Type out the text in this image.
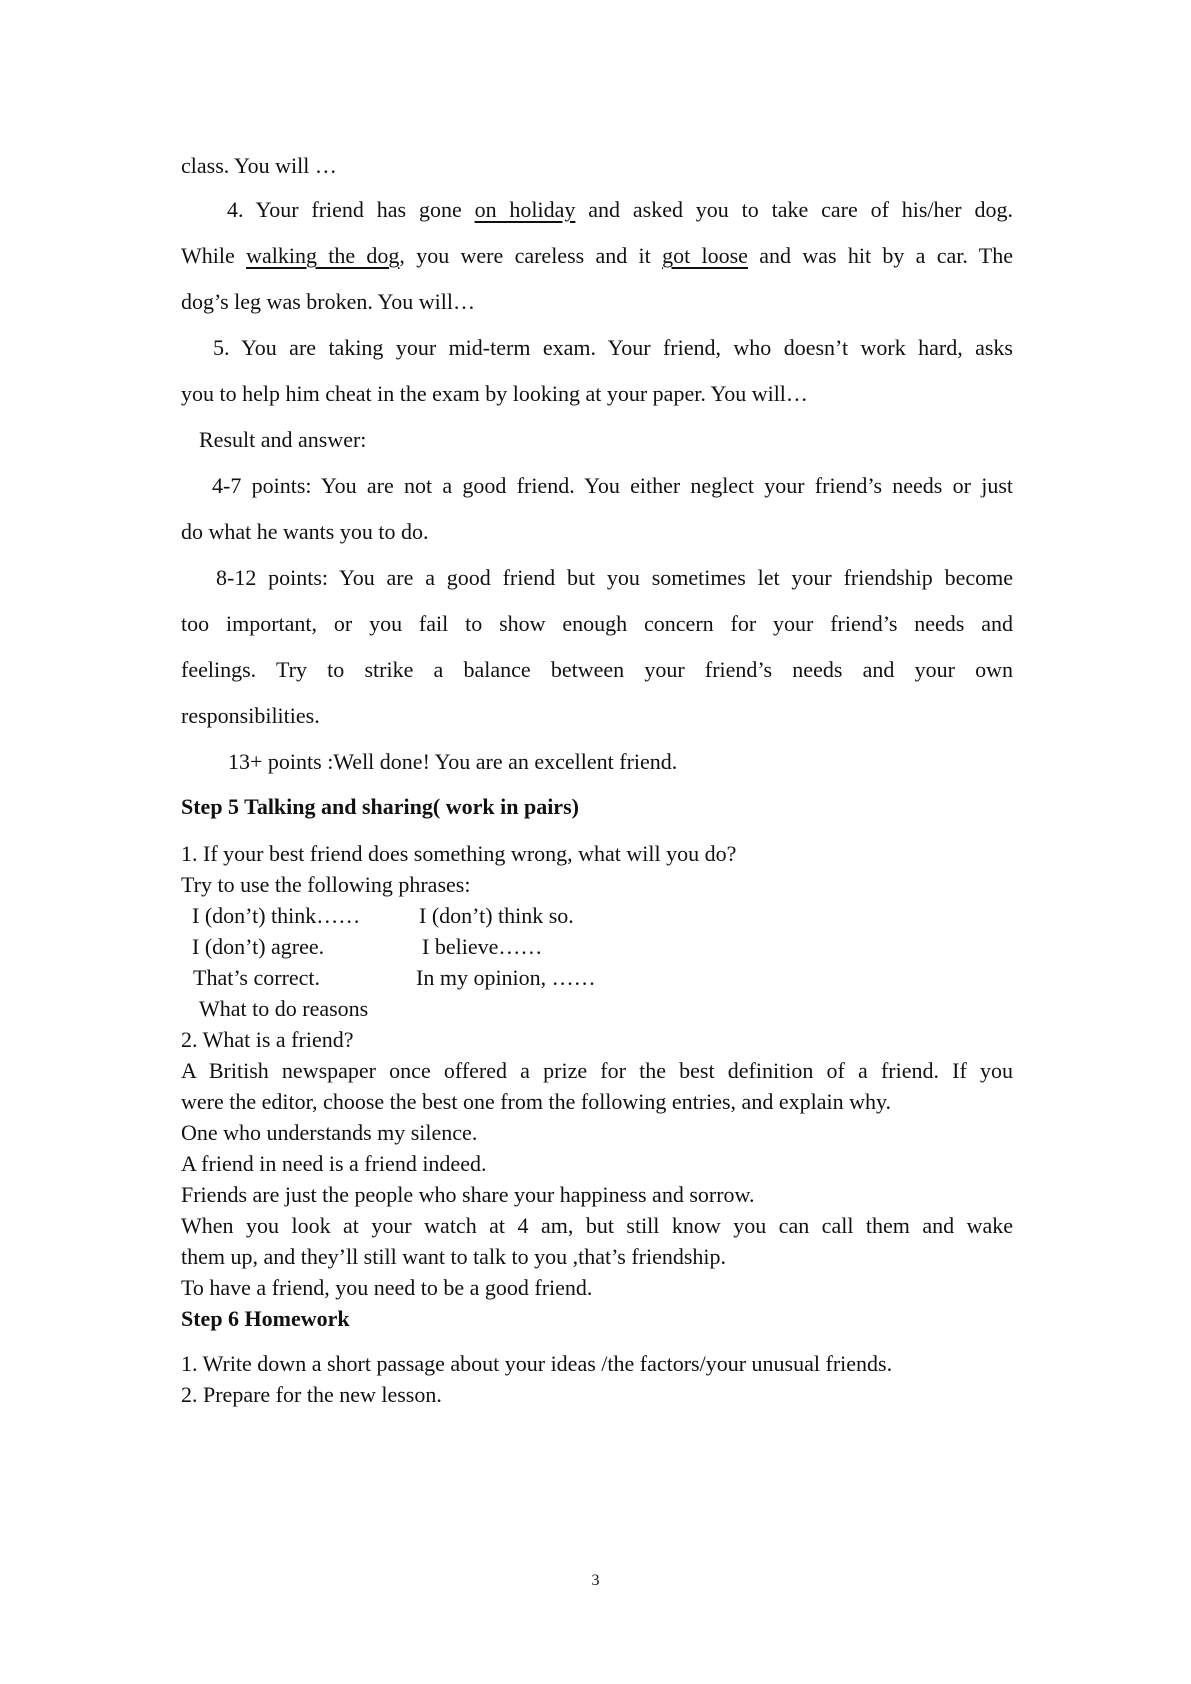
class. You will …
4. Your friend has gone on holiday and asked you to take care of his/her dog.
While walking the dog, you were careless and it got loose and was hit by a car. The
dog’s leg was broken. You will…
5. You are taking your mid-term exam. Your friend, who doesn’t work hard, asks
you to help him cheat in the exam by looking at your paper. You will…
Result and answer:
4-7 points: You are not a good friend. You either neglect your friend’s needs or just
do what he wants you to do.
8-12 points: You are a good friend but you sometimes let your friendship become
too important, or you fail to show enough concern for your friend’s needs and
feelings. Try to strike a balance between your friend’s needs and your own
responsibilities.
13+ points :Well done! You are an excellent friend.
Step 5 Talking and sharing( work in pairs)
1. If your best friend does something wrong, what will you do?
Try to use the following phrases:
I (don’t) think……	I (don’t) think so.
I (don’t) agree.	I believe……
That’s correct.	In my opinion, ……
What to do reasons
2. What is a friend?
A British newspaper once offered a prize for the best definition of a friend. If you
were the editor, choose the best one from the following entries, and explain why.
One who understands my silence.
A friend in need is a friend indeed.
Friends are just the people who share your happiness and sorrow.
When you look at your watch at 4 am, but still know you can call them and wake
them up, and they’ll still want to talk to you ,that’s friendship.
To have a friend, you need to be a good friend.
Step 6 Homework
1. Write down a short passage about your ideas /the factors/your unusual friends.
2. Prepare for the new lesson.
3
